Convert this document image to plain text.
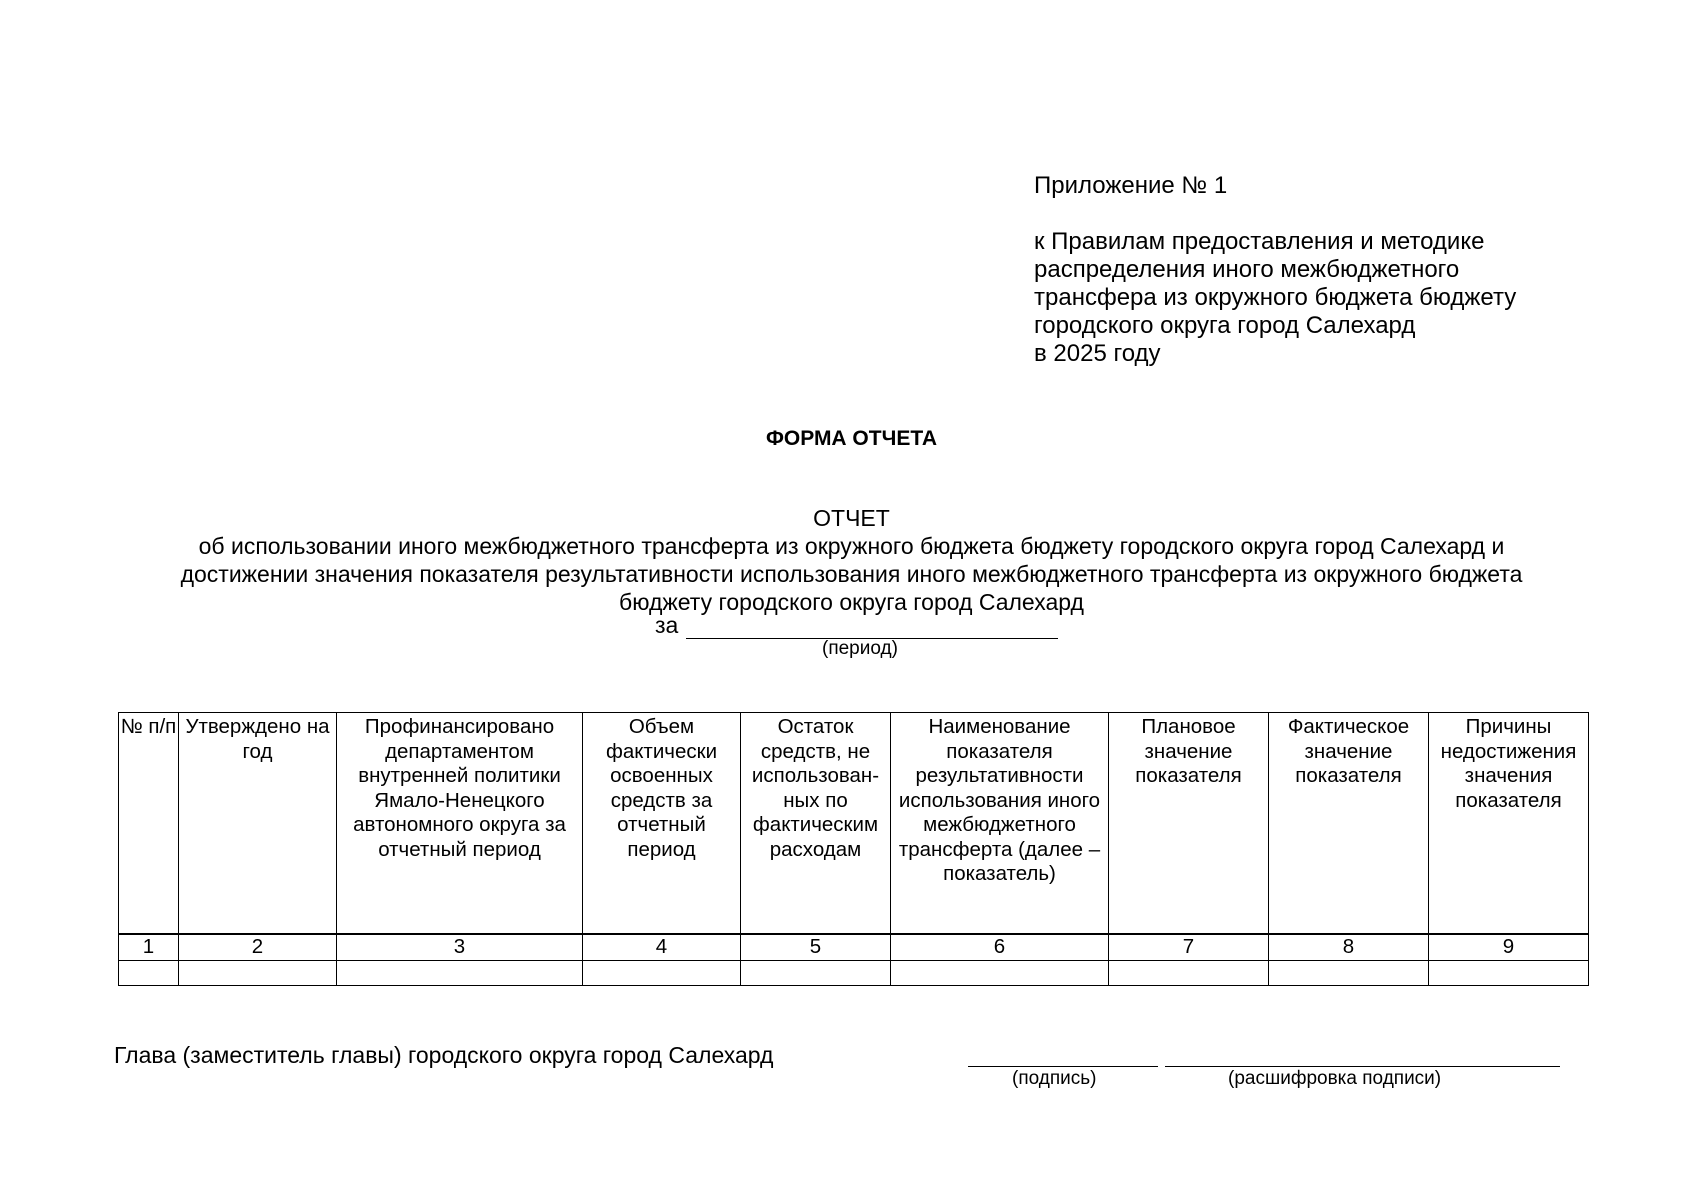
Приложение № 1
к Правилам предоставления и методике
распределения иного межбюджетного
трансфера из окружного бюджета бюджету
городского округа город Салехард
в 2025 году
ФОРМА ОТЧЕТА
ОТЧЕТ
об использовании иного межбюджетного трансферта из окружного бюджета бюджету городского округа город Салехард и
достижении значения показателя результативности использования иного межбюджетного трансферта из окружного бюджета
бюджету городского округа город Салехард
за
(период)
№ п/п	Утверждено на год	Профинансировано департаментом внутренней политики Ямало-Ненецкого автономного округа за отчетный период	Объем фактически освоенных средств за отчетный период	Остаток средств, не использован-ных по фактическим расходам	Наименование показателя результативности использования иного межбюджетного трансферта (далее – показатель)	Плановое значение показателя	Фактическое значение показателя	Причины недостижения значения показателя
1	2	3	4	5	6	7	8	9

Глава (заместитель главы) городского округа город Салехард
(подпись)	(расшифровка подписи)
